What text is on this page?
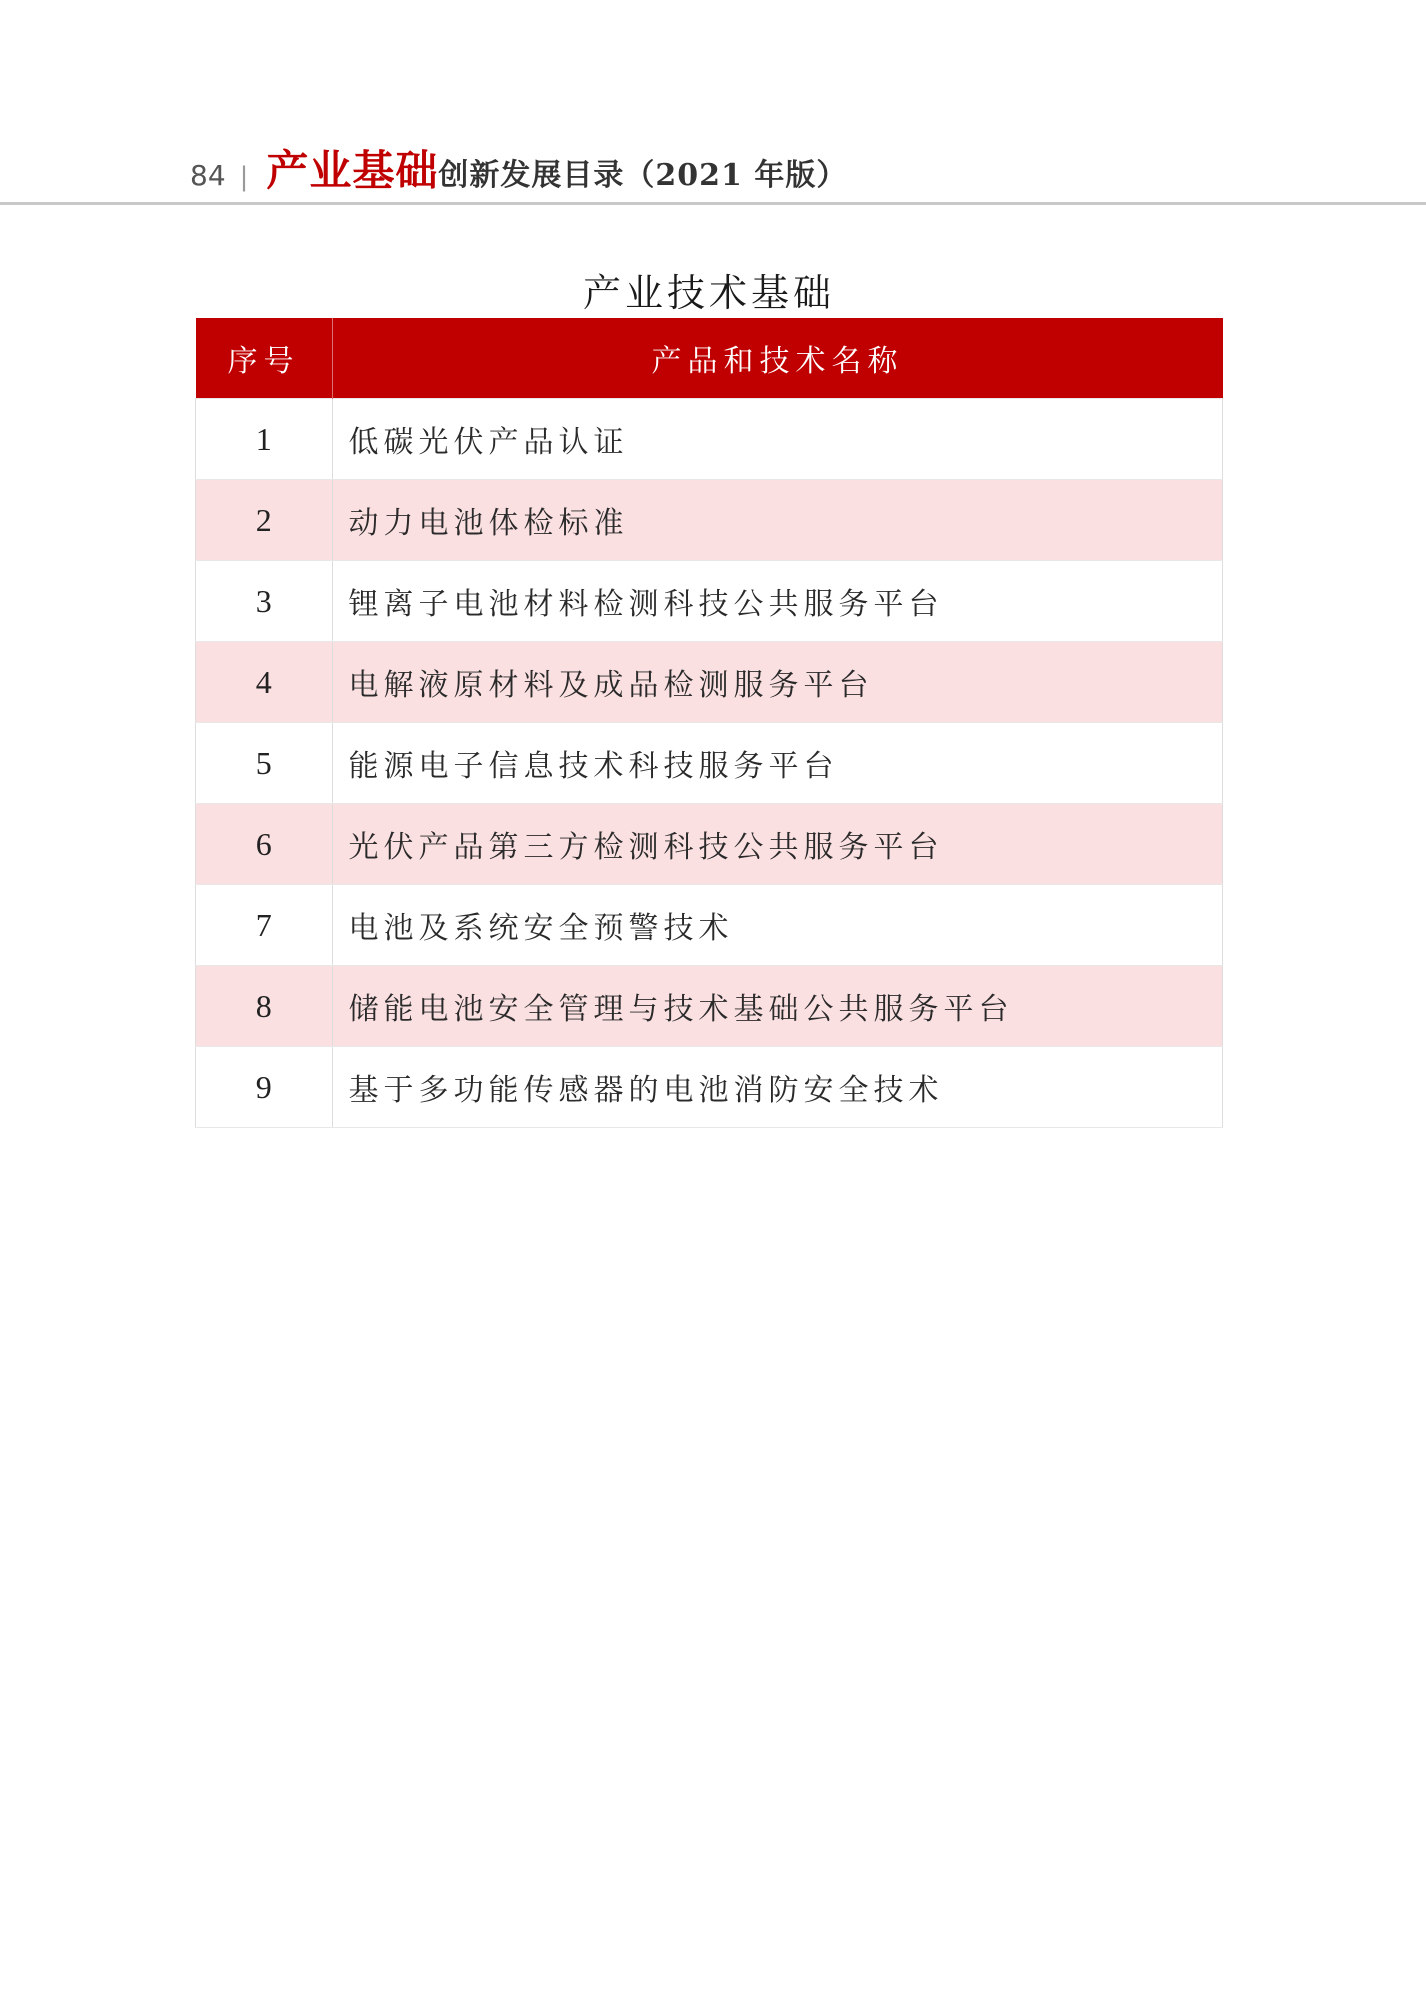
84 | 产业基础 创新发展目录（2021 年版）
产业技术基础
序号	产品和技术名称
1	低碳光伏产品认证
2	动力电池体检标准
3	锂离子电池材料检测科技公共服务平台
4	电解液原材料及成品检测服务平台
5	能源电子信息技术科技服务平台
6	光伏产品第三方检测科技公共服务平台
7	电池及系统安全预警技术
8	储能电池安全管理与技术基础公共服务平台
9	基于多功能传感器的电池消防安全技术
